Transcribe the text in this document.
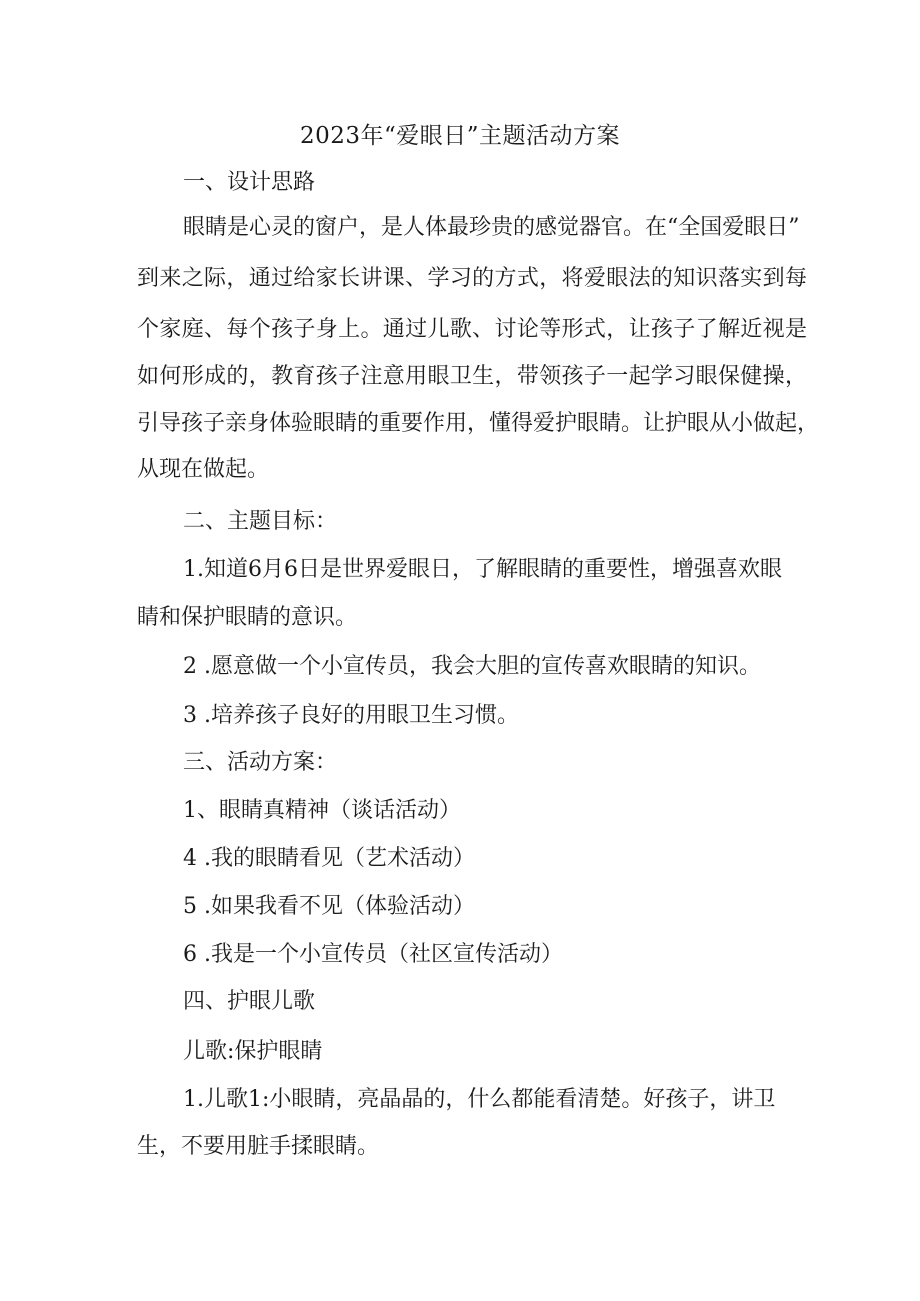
2023年“爱眼日”主题活动方案
一、设计思路
眼睛是心灵的窗户，是人体最珍贵的感觉器官。在“全国爱眼日”
到来之际，通过给家长讲课、学习的方式，将爱眼法的知识落实到每
个家庭、每个孩子身上。通过儿歌、讨论等形式，让孩子了解近视是
如何形成的，教育孩子注意用眼卫生，带领孩子一起学习眼保健操，
引导孩子亲身体验眼睛的重要作用，懂得爱护眼睛。让护眼从小做起，
从现在做起。
二、主题目标：
1.知道6月6日是世界爱眼日，了解眼睛的重要性，增强喜欢眼
睛和保护眼睛的意识。
2 .愿意做一个小宣传员，我会大胆的宣传喜欢眼睛的知识。
3 .培养孩子良好的用眼卫生习惯。
三、活动方案：
1、眼睛真精神（谈话活动）
4 .我的眼睛看见（艺术活动）
5 .如果我看不见（体验活动）
6 .我是一个小宣传员（社区宣传活动）
四、护眼儿歌
儿歌:保护眼睛
1.儿歌1:小眼睛，亮晶晶的，什么都能看清楚。好孩子，讲卫
生，不要用脏手揉眼睛。
